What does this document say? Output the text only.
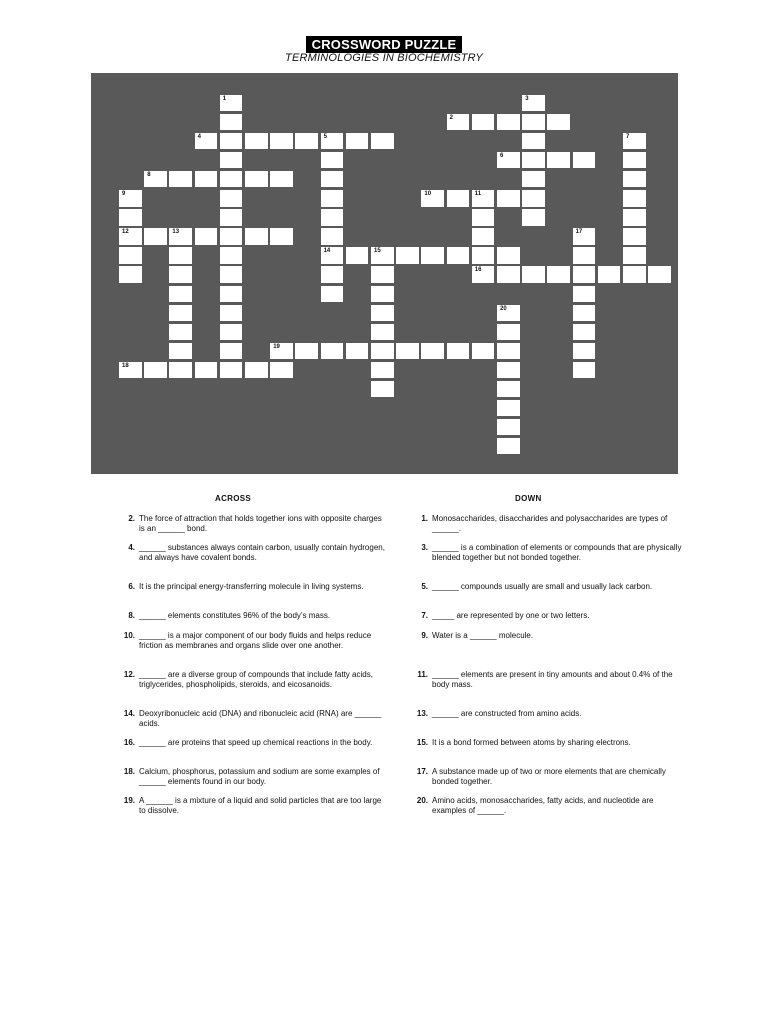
CROSSWORD PUZZLE
TERMINOLOGIES IN BIOCHEMISTRY
1
2
3
4	5
14
6
7
8
9
12
10	11
13
15
16
17
18
19
20
ACROSS	DOWN
2. The force of attraction that holds together ions with opposite charges is an ______ bond.
4. ______ substances always contain carbon, usually contain hydrogen, and always have covalent bonds.
6. It is the principal energy-transferring molecule in living systems.
8. ______ elements constitutes 96% of the body’s mass.
10. ______ is a major component of our body fluids and helps reduce friction as membranes and organs slide over one another.
12. ______ are a diverse group of compounds that include fatty acids, triglycerides, phospholipids, steroids, and eicosanoids.
14. Deoxyribonucleic acid (DNA) and ribonucleic acid (RNA) are ______ acids.
16. ______ are proteins that speed up chemical reactions in the body.
18. Calcium, phosphorus, potassium and sodium are some examples of ______ elements found in our body.
19. A ______ is a mixture of a liquid and solid particles that are too large to dissolve.
1. Monosaccharides, disaccharides and polysaccharides are types of ______.
3. ______ is a combination of elements or compounds that are physically blended together but not bonded together.
5. ______ compounds usually are small and usually lack carbon.
7. _____ are represented by one or two letters.
9. Water is a ______ molecule.
11. ______ elements are present in tiny amounts and about 0.4% of the body mass.
13. ______ are constructed from amino acids.
15. It is a bond formed between atoms by sharing electrons.
17. A substance made up of two or more elements that are chemically bonded together.
20. Amino acids, monosaccharides, fatty acids, and nucleotide are examples of ______.
